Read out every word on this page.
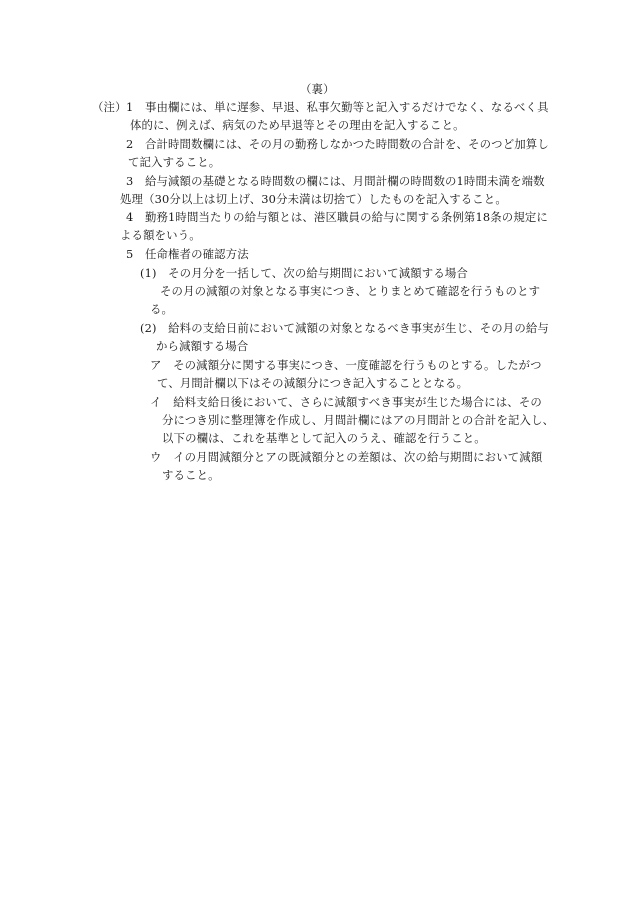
（裏）
（注） 1　事由欄には、単に遅参、早退、私事欠勤等と記入するだけでなく、なるべく具
体的に、例えば、病気のため早退等とその理由を記入すること。
2　合計時間数欄には、その月の勤務しなかつた時間数の合計を、そのつど加算し
て記入すること。
3　給与減額の基礎となる時間数の欄には、月間計欄の時間数の1時間未満を端数
処理（30分以上は切上げ、30分未満は切捨て）したものを記入すること。
4　勤務1時間当たりの給与額とは、港区職員の給与に関する条例第18条の規定に
よる額をいう。
5　任命権者の確認方法
(1)　その月分を一括して、次の給与期間において減額する場合
その月の減額の対象となる事実につき、とりまとめて確認を行うものとす
る。
(2)　給料の支給日前において減額の対象となるべき事実が生じ、その月の給与
から減額する場合
ア　その減額分に関する事実につき、一度確認を行うものとする。したがつ
て、月間計欄以下はその減額分につき記入することとなる。
イ　給料支給日後において、さらに減額すべき事実が生じた場合には、その
分につき別に整理簿を作成し、月間計欄にはアの月間計との合計を記入し、
以下の欄は、これを基準として記入のうえ、確認を行うこと。
ウ　イの月間減額分とアの既減額分との差額は、次の給与期間において減額
すること。
